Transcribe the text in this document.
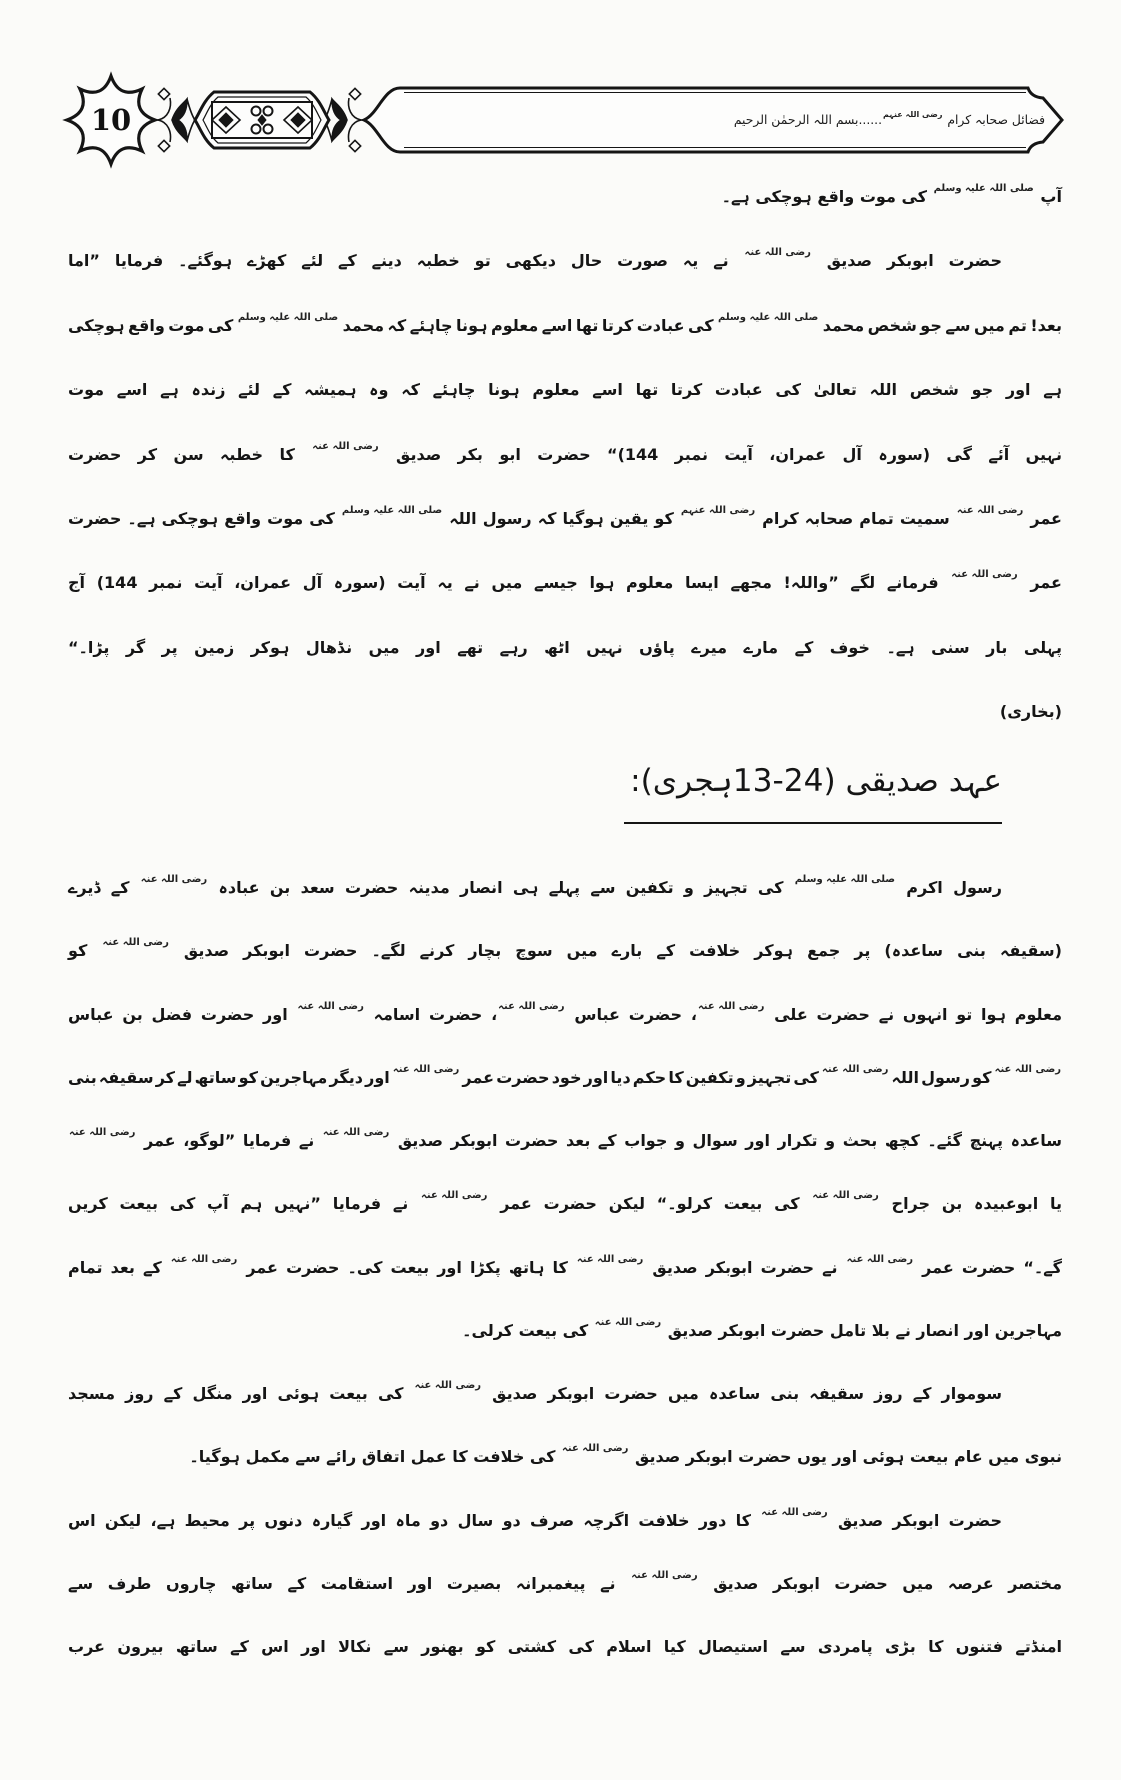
10	فضائل صحابہ کرام $^{رضی اللہ عنہم}$......بسم اللہ الرحمٰن الرحیم
آپ $^{صلی اللہ علیہ وسلم}$ کی موت واقع ہوچکی ہے۔
حضرت ابوبکر صدیق $^{رضی اللہ عنہ}$ نے یہ صورت حال دیکھی تو خطبہ دینے کے لئے کھڑے ہوگئے۔ فرمایا ”اما
بعد! تم میں سے جو شخص محمد $^{صلی اللہ علیہ وسلم}$ کی عبادت کرتا تھا اسے معلوم ہونا چاہئے کہ محمد $^{صلی اللہ علیہ وسلم}$ کی موت واقع ہوچکی
ہے اور جو شخص اللہ تعالیٰ کی عبادت کرتا تھا اسے معلوم ہونا چاہئے کہ وہ ہمیشہ کے لئے زندہ ہے اسے موت
نہیں آئے گی (سورہ آل عمران، آیت نمبر 144)“ حضرت ابو بکر صدیق $^{رضی اللہ عنہ}$ کا خطبہ سن کر حضرت
عمر $^{رضی اللہ عنہ}$ سمیت تمام صحابہ کرام $^{رضی اللہ عنہم}$ کو یقین ہوگیا کہ رسول اللہ $^{صلی اللہ علیہ وسلم}$ کی موت واقع ہوچکی ہے۔ حضرت
عمر $^{رضی اللہ عنہ}$ فرمانے لگے ”واللہ! مجھے ایسا معلوم ہوا جیسے میں نے یہ آیت (سورہ آل عمران، آیت نمبر 144) آج
پہلی بار سنی ہے۔ خوف کے مارے میرے پاؤں نہیں اٹھ رہے تھے اور میں نڈھال ہوکر زمین پر گر پڑا۔“
(بخاری)
عہد صدیقی (24-13ہجری):
رسول اکرم $^{صلی اللہ علیہ وسلم}$ کی تجہیز و تکفین سے پہلے ہی انصار مدینہ حضرت سعد بن عبادہ $^{رضی اللہ عنہ}$ کے ڈیرے
(سقیفہ بنی ساعدہ) پر جمع ہوکر خلافت کے بارے میں سوچ بچار کرنے لگے۔ حضرت ابوبکر صدیق $^{رضی اللہ عنہ}$ کو
معلوم ہوا تو انہوں نے حضرت علی $^{رضی اللہ عنہ}$، حضرت عباس $^{رضی اللہ عنہ}$، حضرت اسامہ $^{رضی اللہ عنہ}$ اور حضرت فضل بن عباس
$^{رضی اللہ عنہ}$ کو رسول اللہ $^{رضی اللہ عنہ}$ کی تجہیز و تکفین کا حکم دیا اور خود حضرت عمر $^{رضی اللہ عنہ}$ اور دیگر مہاجرین کو ساتھ لے کر سقیفہ بنی
ساعدہ پہنچ گئے۔ کچھ بحث و تکرار اور سوال و جواب کے بعد حضرت ابوبکر صدیق $^{رضی اللہ عنہ}$ نے فرمایا ”لوگو، عمر $^{رضی اللہ عنہ}$
یا ابوعبیدہ بن جراح $^{رضی اللہ عنہ}$ کی بیعت کرلو۔“ لیکن حضرت عمر $^{رضی اللہ عنہ}$ نے فرمایا ”نہیں ہم آپ کی بیعت کریں
گے۔“ حضرت عمر $^{رضی اللہ عنہ}$ نے حضرت ابوبکر صدیق $^{رضی اللہ عنہ}$ کا ہاتھ پکڑا اور بیعت کی۔ حضرت عمر $^{رضی اللہ عنہ}$ کے بعد تمام
مہاجرین اور انصار نے بلا تامل حضرت ابوبکر صدیق $^{رضی اللہ عنہ}$ کی بیعت کرلی۔
سوموار کے روز سقیفہ بنی ساعدہ میں حضرت ابوبکر صدیق $^{رضی اللہ عنہ}$ کی بیعت ہوئی اور منگل کے روز مسجد
نبوی میں عام بیعت ہوئی اور یوں حضرت ابوبکر صدیق $^{رضی اللہ عنہ}$ کی خلافت کا عمل اتفاق رائے سے مکمل ہوگیا۔
حضرت ابوبکر صدیق $^{رضی اللہ عنہ}$ کا دور خلافت اگرچہ صرف دو سال دو ماہ اور گیارہ دنوں پر محیط ہے، لیکن اس
مختصر عرصہ میں حضرت ابوبکر صدیق $^{رضی اللہ عنہ}$ نے پیغمبرانہ بصیرت اور استقامت کے ساتھ چاروں طرف سے
امنڈتے فتنوں کا بڑی پامردی سے استیصال کیا اسلام کی کشتی کو بھنور سے نکالا اور اس کے ساتھ بیرون عرب
